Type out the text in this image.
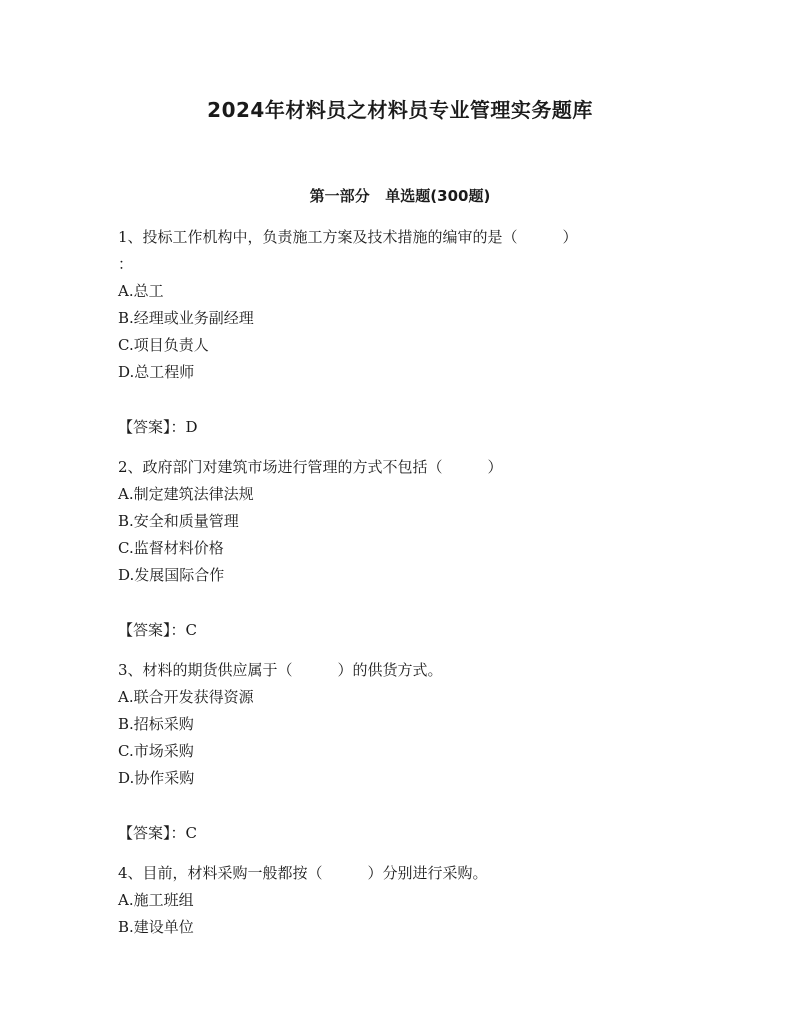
2024年材料员之材料员专业管理实务题库
第一部分   单选题(300题)
1、投标工作机构中，负责施工方案及技术措施的编审的是（　　　）
：
A.总工
B.经理或业务副经理
C.项目负责人
D.总工程师
【答案】：D
2、政府部门对建筑市场进行管理的方式不包括（　　　）
A.制定建筑法律法规
B.安全和质量管理
C.监督材料价格
D.发展国际合作
【答案】：C
3、材料的期货供应属于（　　　）的供货方式。
A.联合开发获得资源
B.招标采购
C.市场采购
D.协作采购
【答案】：C
4、目前，材料采购一般都按（　　　）分别进行采购。
A.施工班组
B.建设单位
